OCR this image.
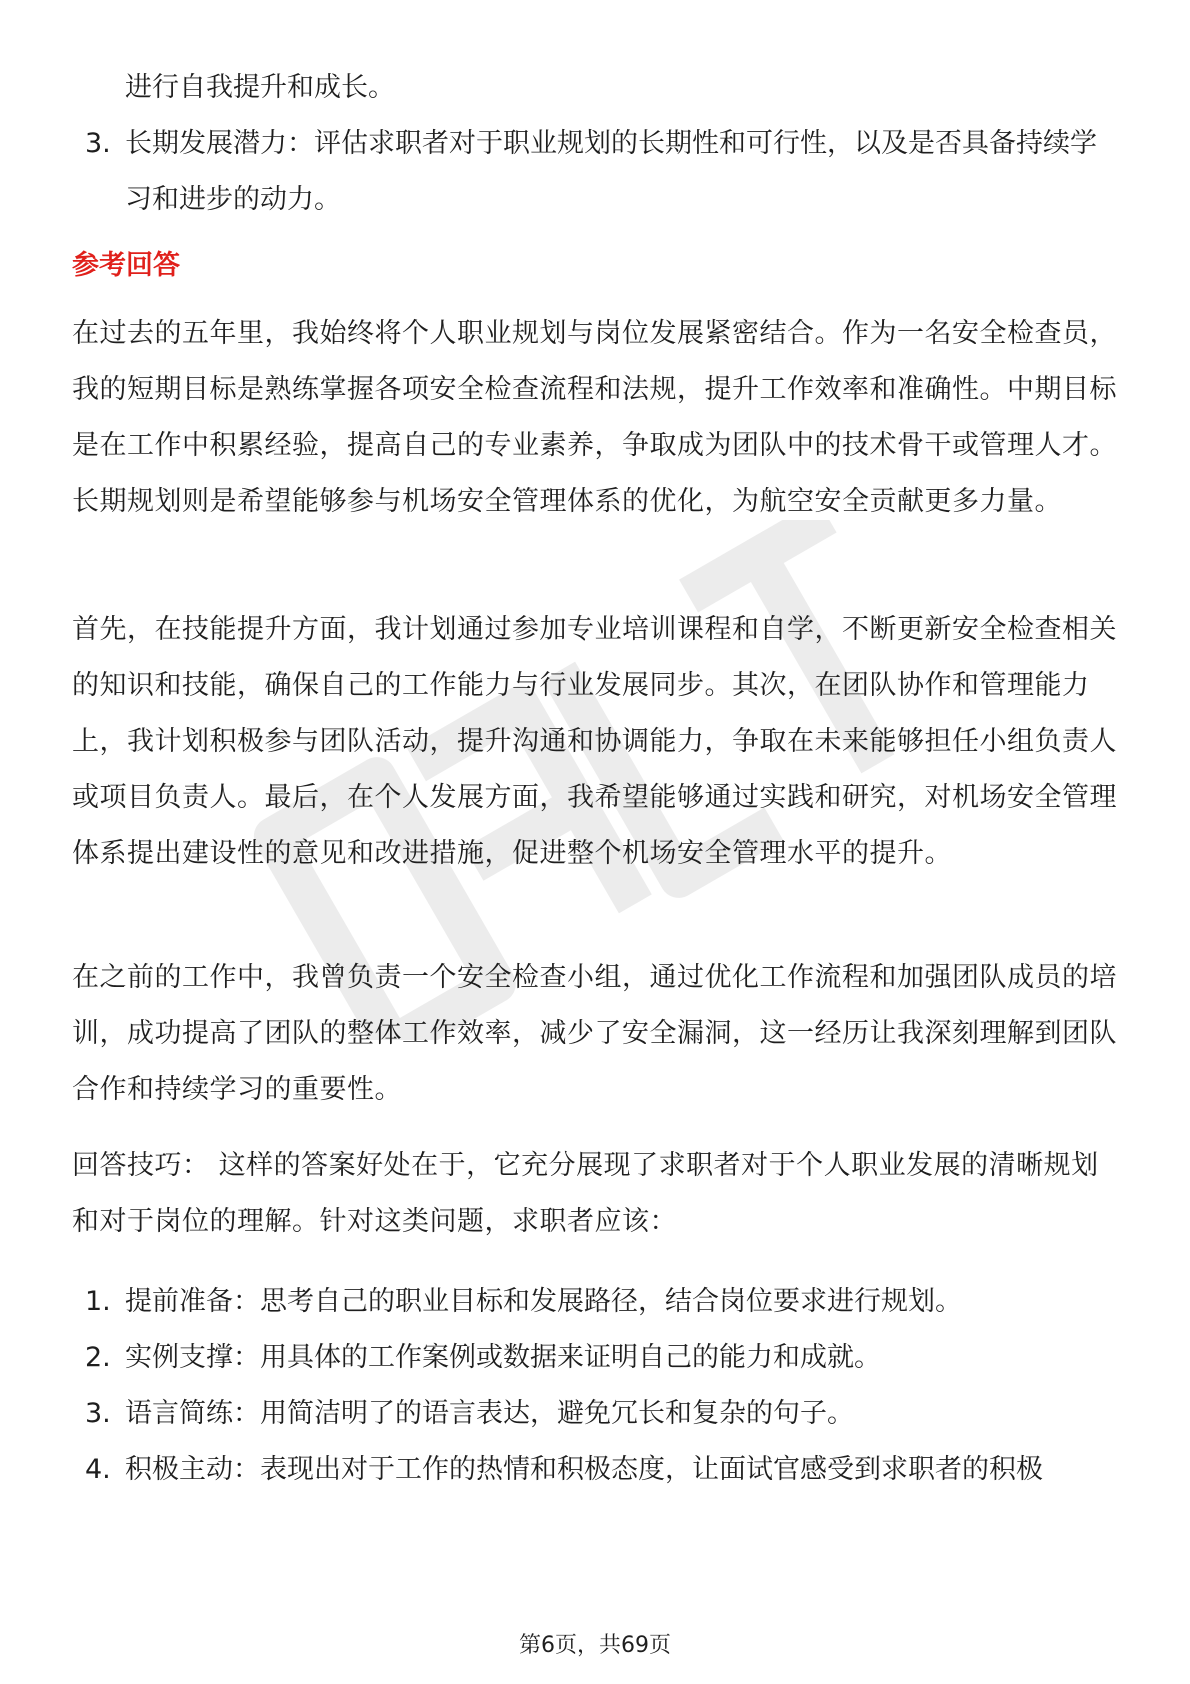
进行自我提升和成长。
3. 长期发展潜力：评估求职者对于职业规划的长期性和可行性，以及是否具备持续学习和进步的动力。
参考回答

在过去的五年里，我始终将个人职业规划与岗位发展紧密结合。作为一名安全检查员，我的短期目标是熟练掌握各项安全检查流程和法规，提升工作效率和准确性。中期目标是在工作中积累经验，提高自己的专业素养，争取成为团队中的技术骨干或管理人才。长期规划则是希望能够参与机场安全管理体系的优化，为航空安全贡献更多力量。

首先，在技能提升方面，我计划通过参加专业培训课程和自学，不断更新安全检查相关的知识和技能，确保自己的工作能力与行业发展同步。其次，在团队协作和管理能力上，我计划积极参与团队活动，提升沟通和协调能力，争取在未来能够担任小组负责人或项目负责人。最后，在个人发展方面，我希望能够通过实践和研究，对机场安全管理体系提出建设性的意见和改进措施，促进整个机场安全管理水平的提升。

在之前的工作中，我曾负责一个安全检查小组，通过优化工作流程和加强团队成员的培训，成功提高了团队的整体工作效率，减少了安全漏洞，这一经历让我深刻理解到团队合作和持续学习的重要性。

回答技巧： 这样的答案好处在于，它充分展现了求职者对于个人职业发展的清晰规划和对于岗位的理解。针对这类问题，求职者应该：

1. 提前准备：思考自己的职业目标和发展路径，结合岗位要求进行规划。
2. 实例支撑：用具体的工作案例或数据来证明自己的能力和成就。
3. 语言简练：用简洁明了的语言表达，避免冗长和复杂的句子。
4. 积极主动：表现出对于工作的热情和积极态度，让面试官感受到求职者的积极
第6页，共69页
